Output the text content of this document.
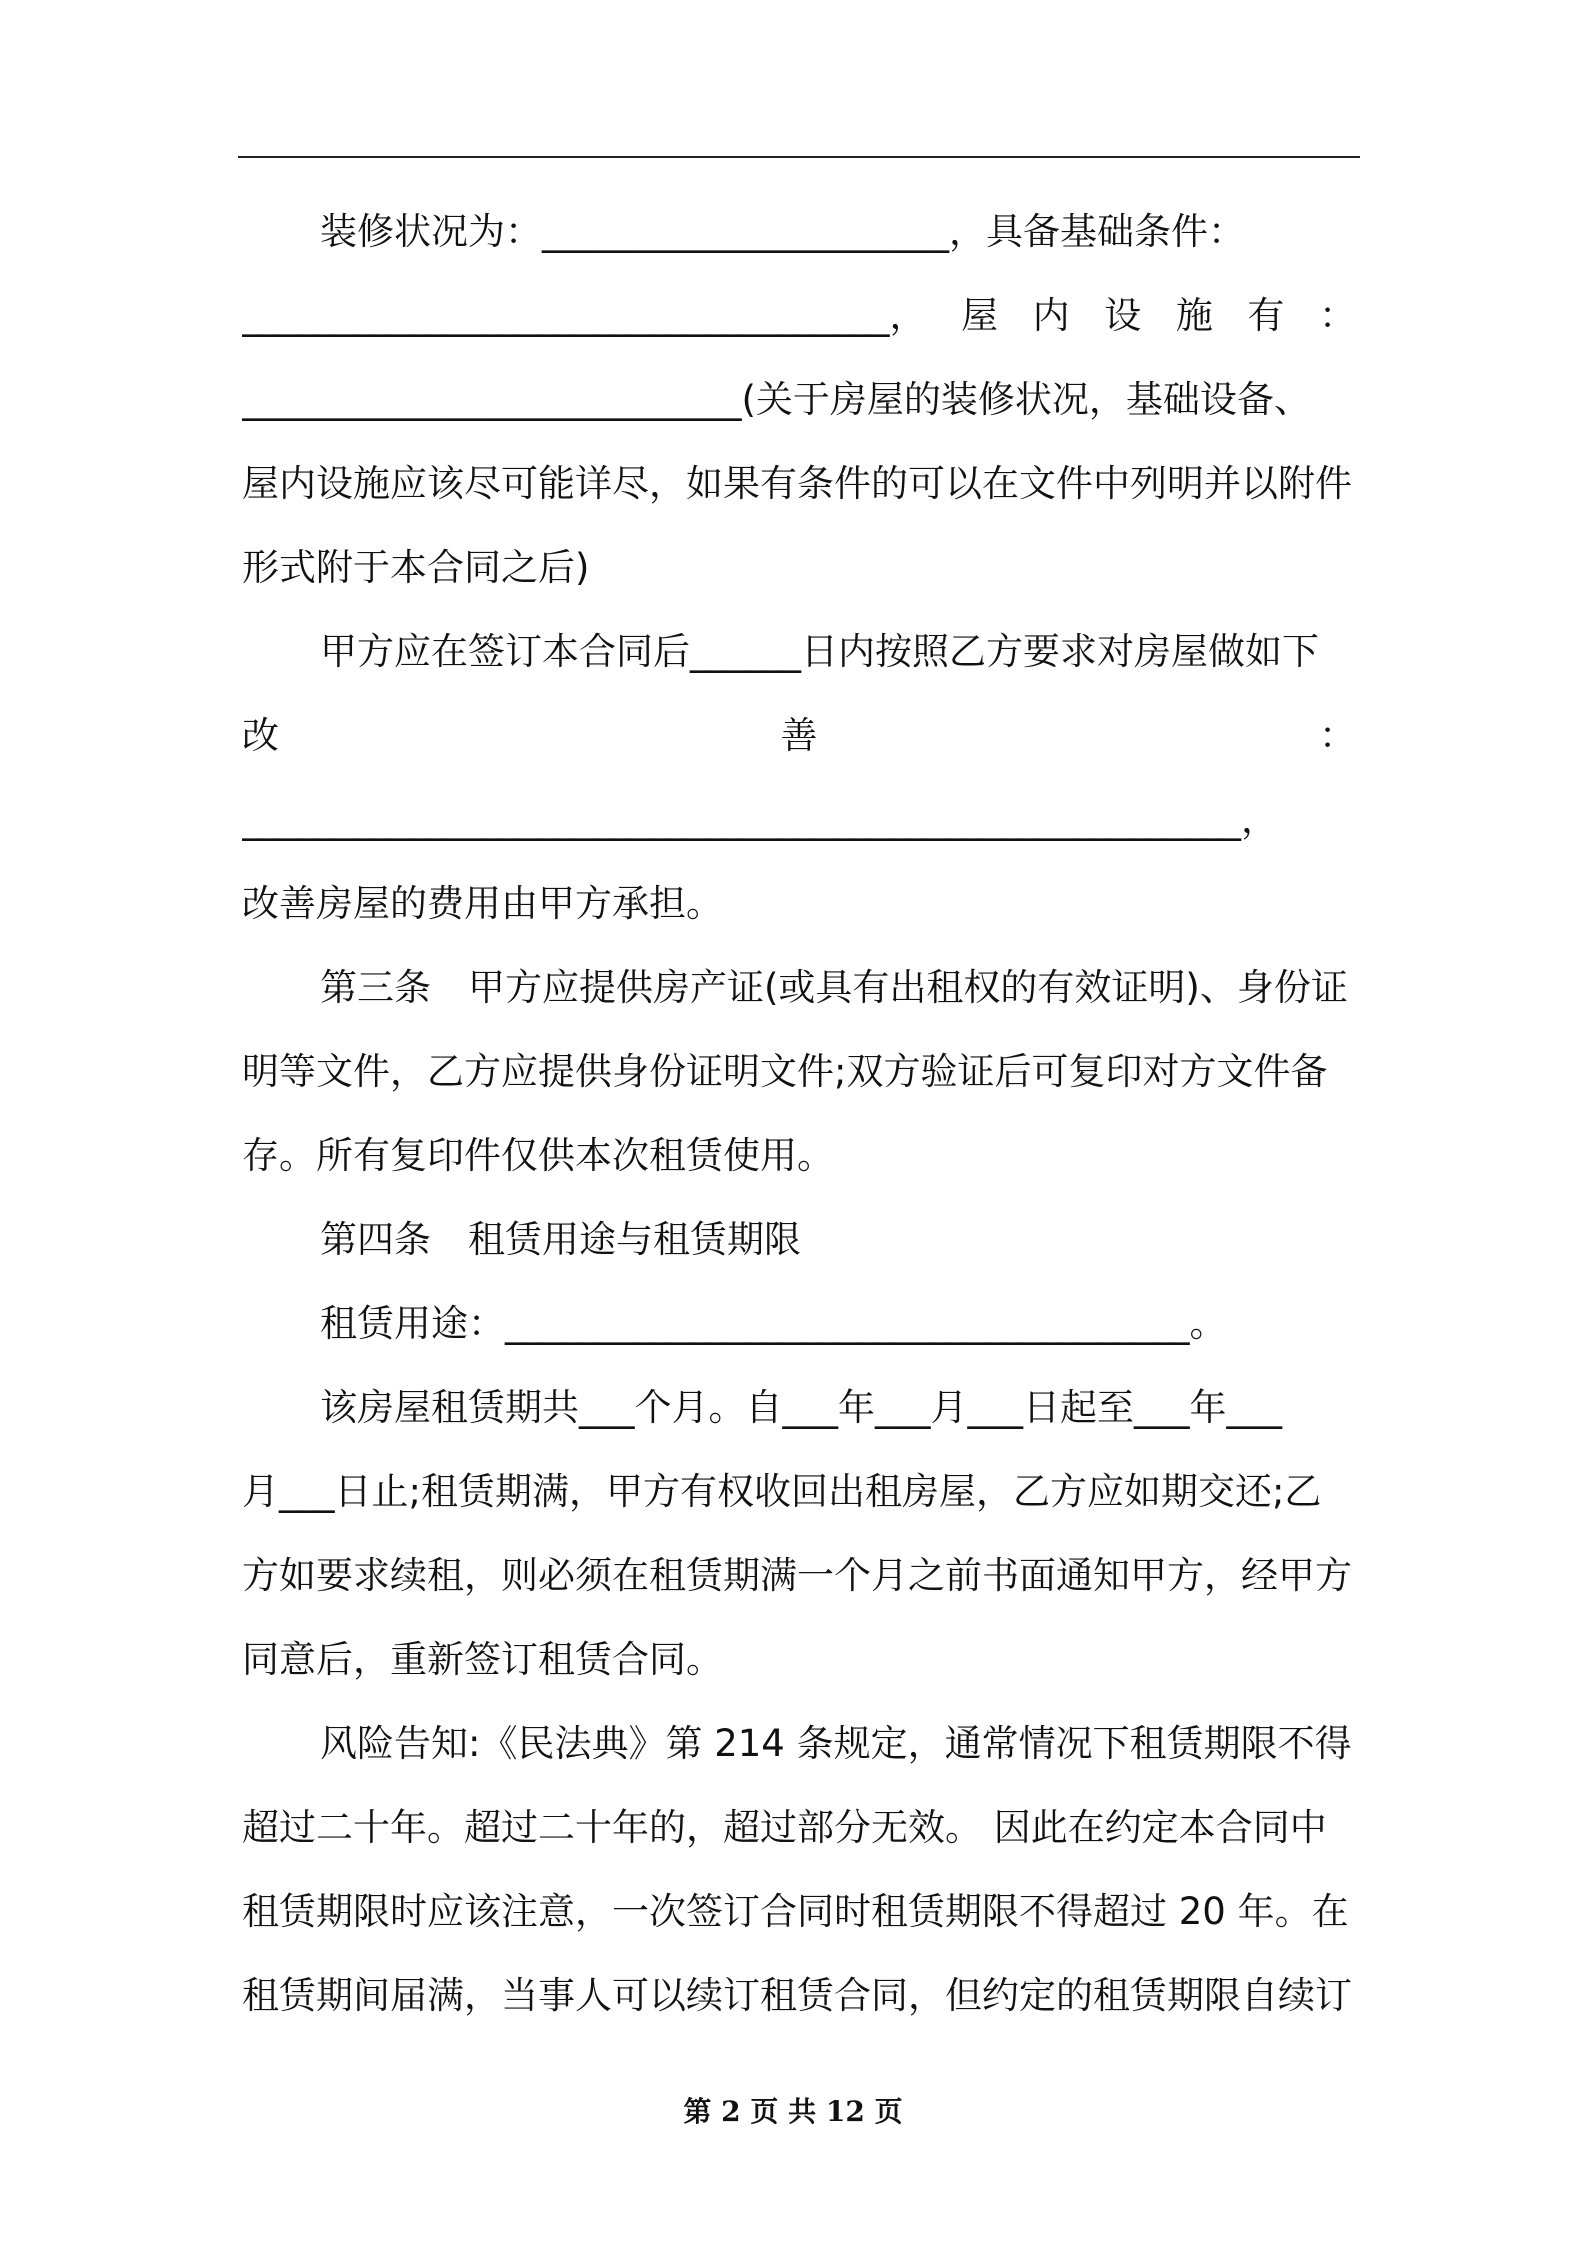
装修状况为：______________________，具备基础条件：
___________________________________， 屋 内 设 施 有 ：
___________________________(关于房屋的装修状况，基础设备、
屋内设施应该尽可能详尽，如果有条件的可以在文件中列明并以附件
形式附于本合同之后)
甲方应在签订本合同后______日内按照乙方要求对房屋做如下
改	善	：
______________________________________________________，
改善房屋的费用由甲方承担。
第三条　甲方应提供房产证(或具有出租权的有效证明)、身份证
明等文件，乙方应提供身份证明文件;双方验证后可复印对方文件备
存。所有复印件仅供本次租赁使用。
第四条　租赁用途与租赁期限
租赁用途：_____________________________________。
该房屋租赁期共___个月。自___年___月___日起至___年___
月___日止;租赁期满，甲方有权收回出租房屋，乙方应如期交还;乙
方如要求续租，则必须在租赁期满一个月之前书面通知甲方，经甲方
同意后，重新签订租赁合同。
风险告知:《民法典》第 214 条规定，通常情况下租赁期限不得
超过二十年。超过二十年的，超过部分无效。 因此在约定本合同中
租赁期限时应该注意，一次签订合同时租赁期限不得超过 20 年。在
租赁期间届满，当事人可以续订租赁合同，但约定的租赁期限自续订
第 2 页 共 12 页
